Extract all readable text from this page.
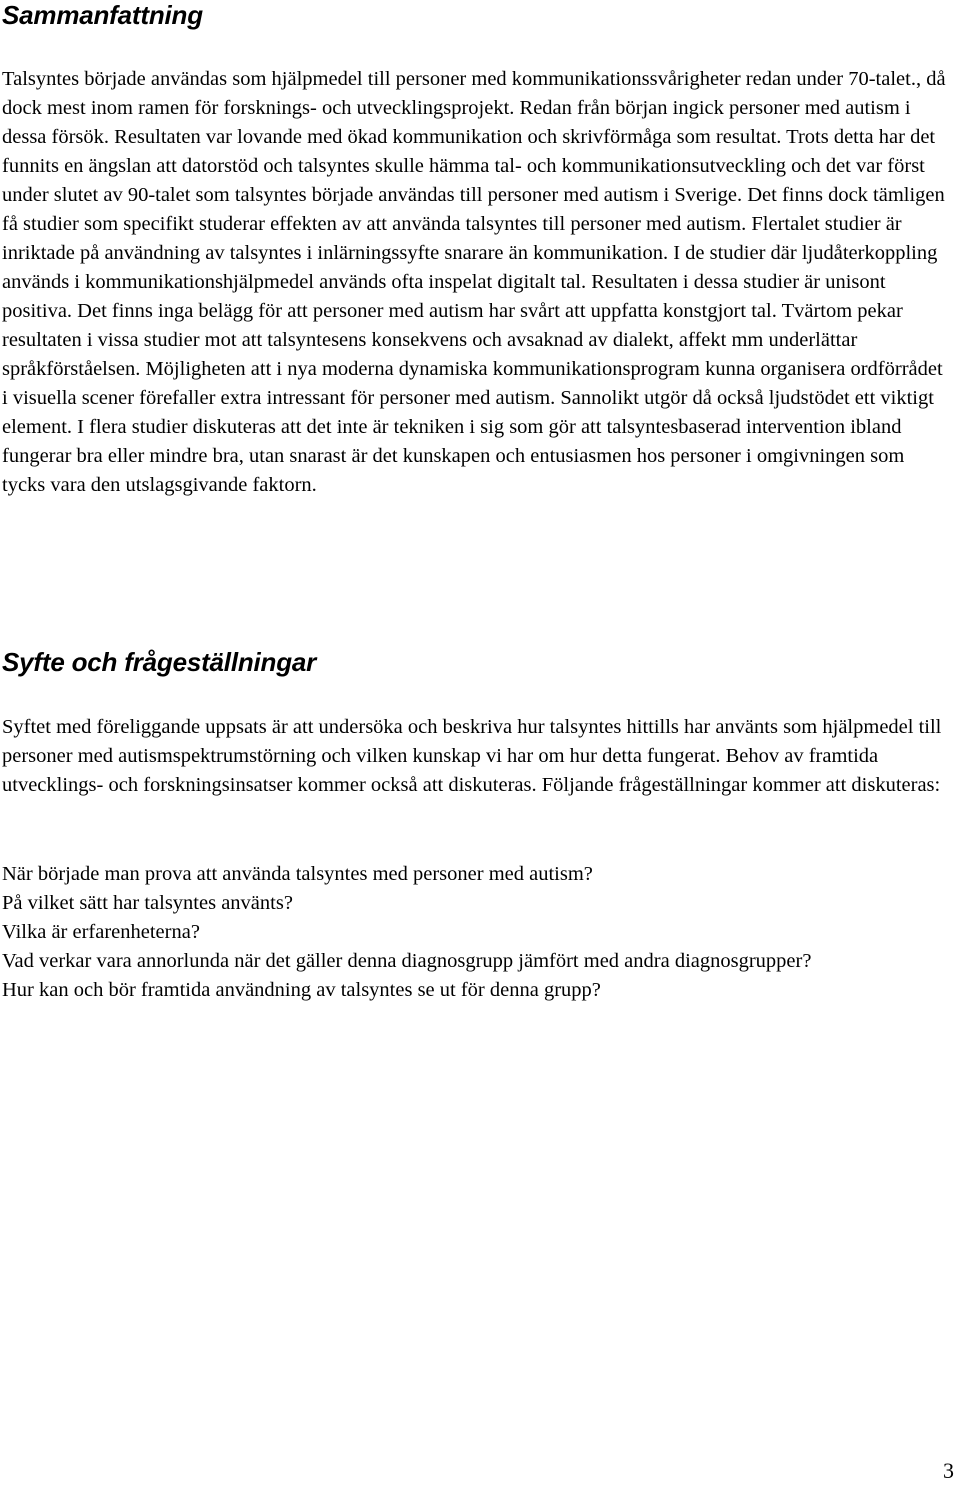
Sammanfattning

Talsyntes började användas som hjälpmedel till personer med kommunikationssvårigheter redan under 70-talet., då dock mest inom ramen för forsknings- och utvecklingsprojekt. Redan från början ingick personer med autism i dessa försök. Resultaten var lovande med ökad kommunikation och skrivförmåga som resultat. Trots detta har det funnits en ängslan att datorstöd och talsyntes skulle hämma tal- och kommunikationsutveckling och det var först under slutet av 90-talet som talsyntes började användas till personer med autism i Sverige. Det finns dock tämligen få studier som specifikt studerar effekten av att använda talsyntes till personer med autism. Flertalet studier är inriktade på användning av talsyntes i inlärningssyfte snarare än kommunikation. I de studier där ljudåterkoppling används i kommunikationshjälpmedel används ofta inspelat digitalt tal. Resultaten i dessa studier är unisont positiva. Det finns inga belägg för att personer med autism har svårt att uppfatta konstgjort tal. Tvärtom pekar resultaten i vissa studier mot att talsyntesens konsekvens och avsaknad av dialekt, affekt mm underlättar språkförståelsen. Möjligheten att i nya moderna dynamiska kommunikationsprogram kunna organisera ordförrådet i visuella scener förefaller extra intressant för personer med autism. Sannolikt utgör då också ljudstödet ett viktigt element. I flera studier diskuteras att det inte är tekniken i sig som gör att talsyntesbaserad intervention ibland fungerar bra eller mindre bra, utan snarast är det kunskapen och entusiasmen hos personer i omgivningen som tycks vara den utslagsgivande faktorn.

Syfte och frågeställningar

Syftet med föreliggande uppsats är att undersöka och beskriva hur talsyntes hittills har använts som hjälpmedel till personer med autismspektrumstörning och vilken kunskap vi har om hur detta fungerat. Behov av framtida utvecklings- och forskningsinsatser kommer också att diskuteras. Följande frågeställningar kommer att diskuteras:

När började man prova att använda talsyntes med personer med autism?
På vilket sätt har talsyntes använts?
Vilka är erfarenheterna?
Vad verkar vara annorlunda när det gäller denna diagnosgrupp jämfört med andra diagnosgrupper?
Hur kan och bör framtida användning av talsyntes se ut för denna grupp?
3
